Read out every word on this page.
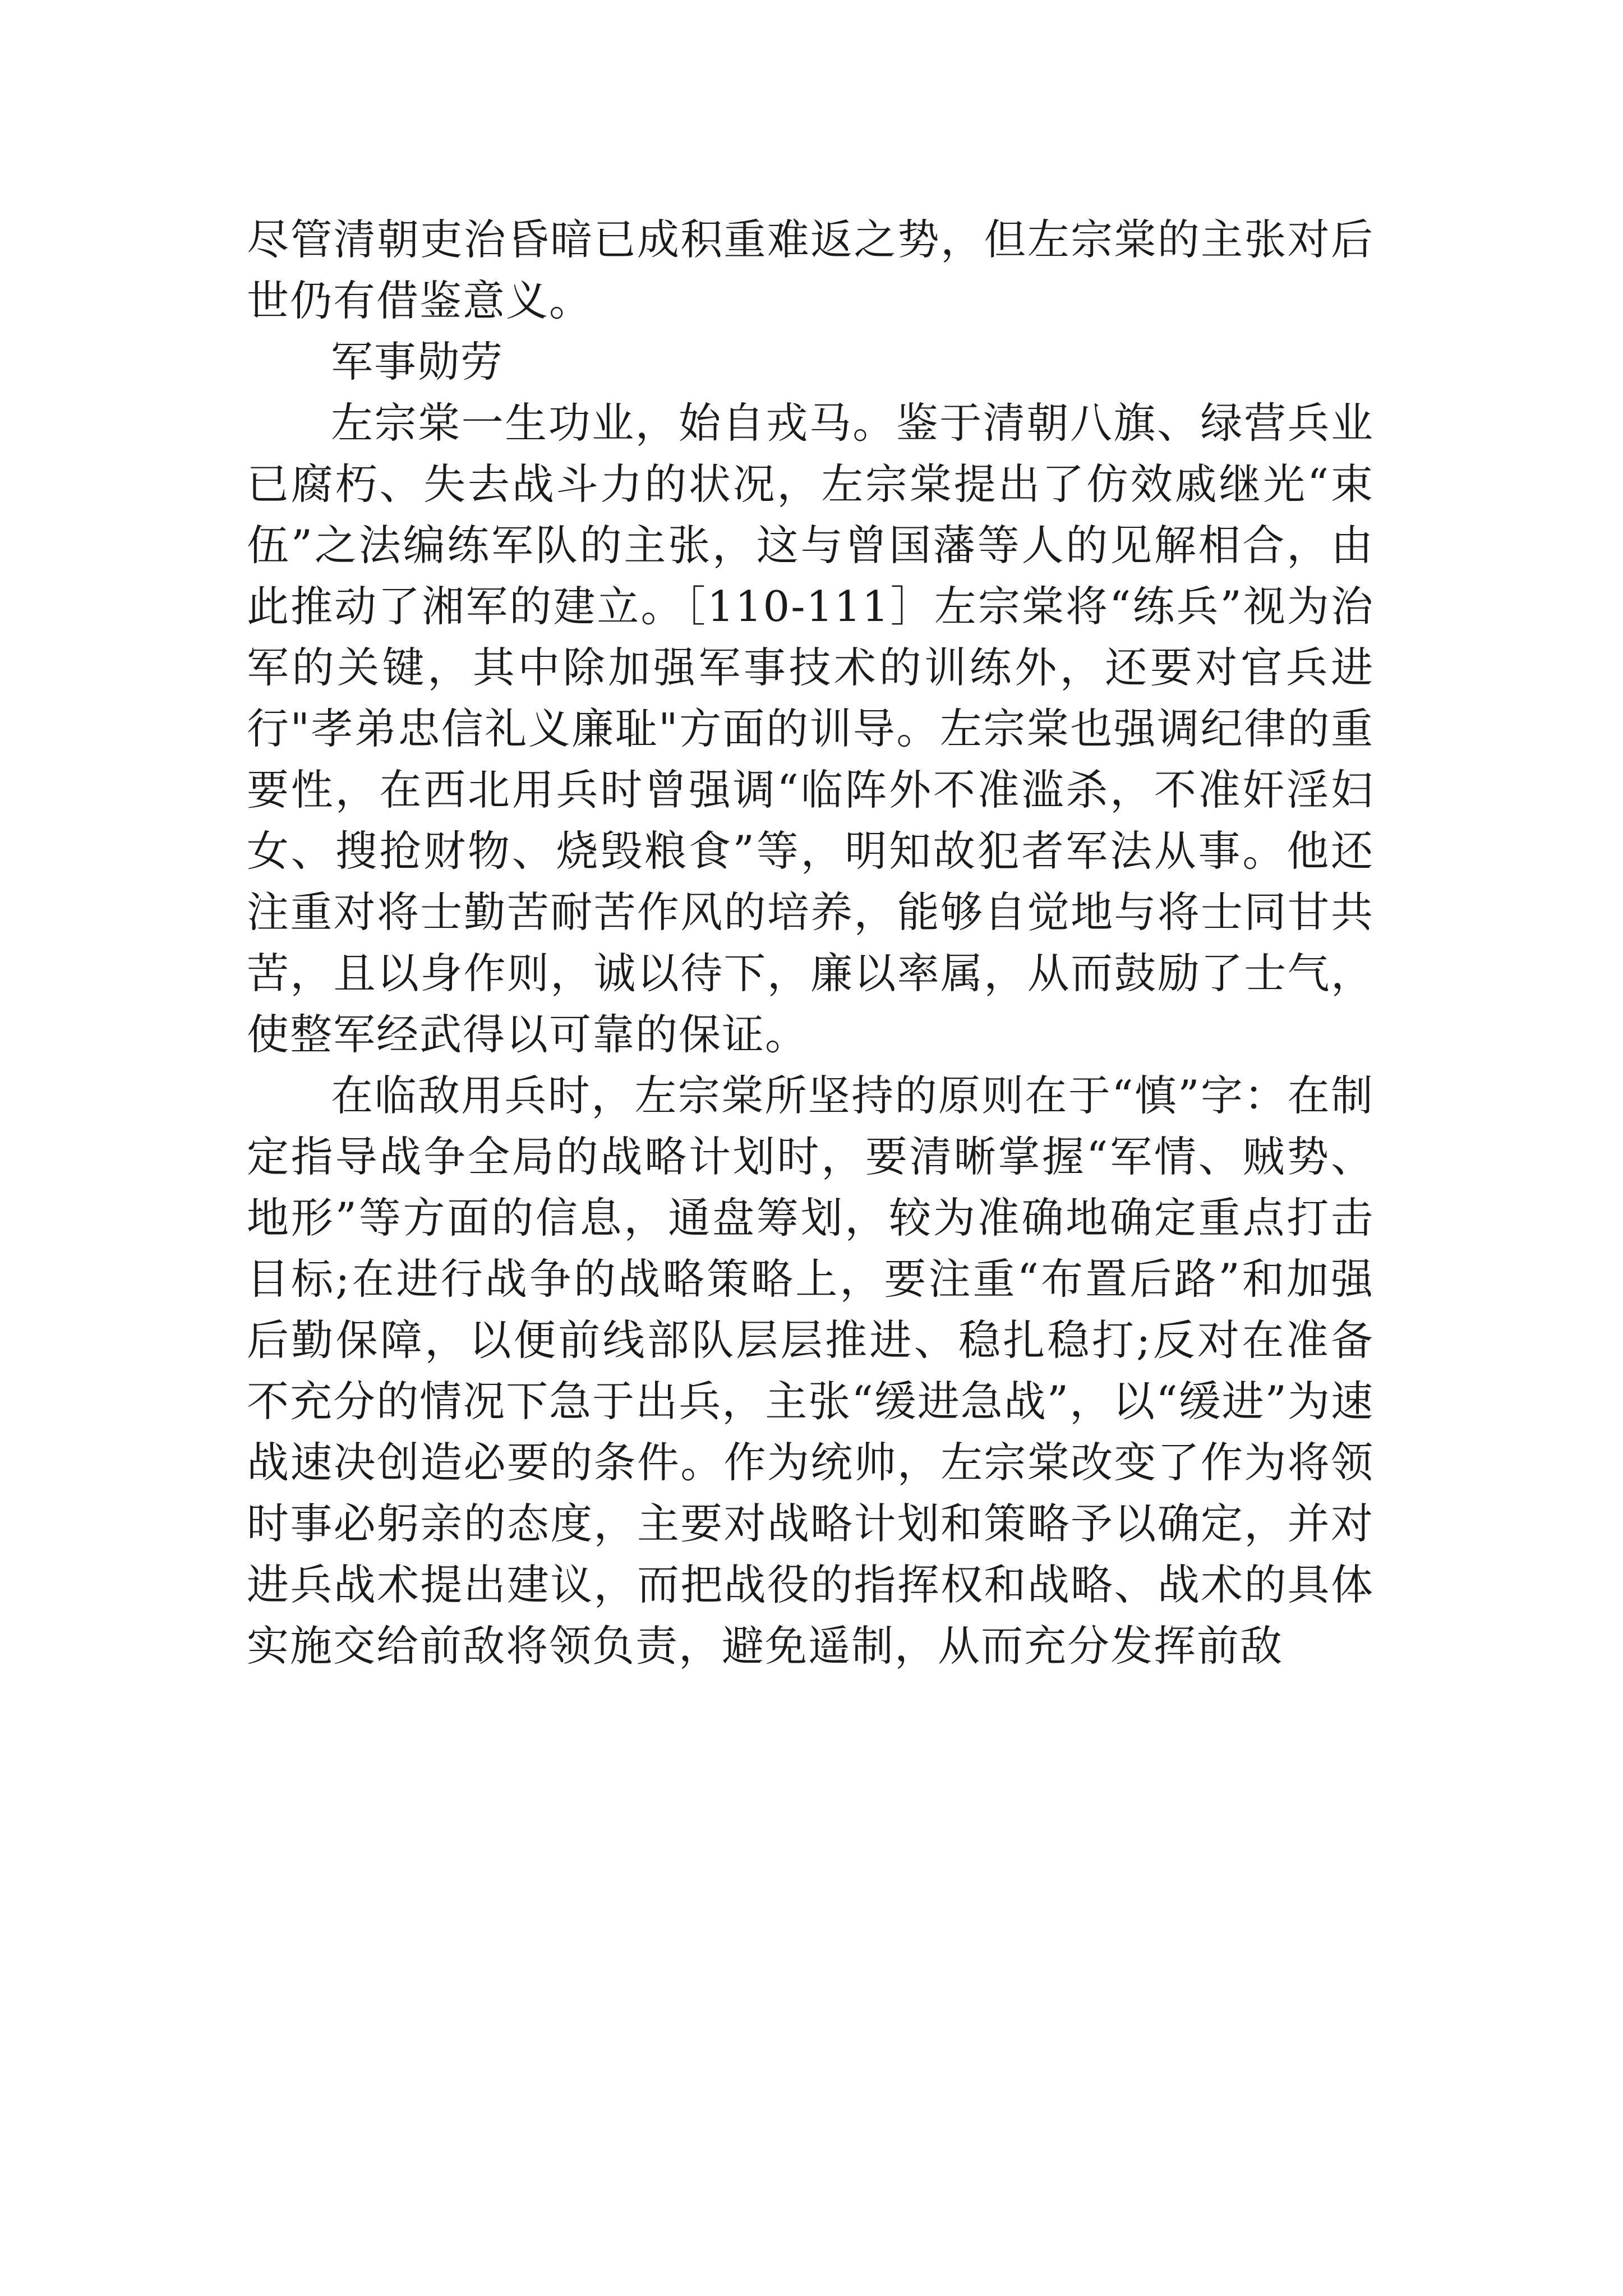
尽管清朝吏治昏暗已成积重难返之势，但左宗棠的主张对后世仍有借鉴意义。

军事勋劳

左宗棠一生功业，始自戎马。鉴于清朝八旗、绿营兵业已腐朽、失去战斗力的状况，左宗棠提出了仿效戚继光“束伍”之法编练军队的主张，这与曾国藩等人的见解相合，由此推动了湘军的建立。［110-111］左宗棠将“练兵”视为治军的关键，其中除加强军事技术的训练外，还要对官兵进行"孝弟忠信礼义廉耻"方面的训导。左宗棠也强调纪律的重要性，在西北用兵时曾强调“临阵外不准滥杀，不准奸淫妇女、搜抢财物、烧毁粮食”等，明知故犯者军法从事。他还注重对将士勤苦耐苦作风的培养，能够自觉地与将士同甘共苦，且以身作则，诚以待下，廉以率属，从而鼓励了士气，使整军经武得以可靠的保证。

在临敌用兵时，左宗棠所坚持的原则在于“慎”字：在制定指导战争全局的战略计划时，要清晰掌握“军情、贼势、地形”等方面的信息，通盘筹划，较为准确地确定重点打击目标;在进行战争的战略策略上，要注重“布置后路”和加强后勤保障，以便前线部队层层推进、稳扎稳打;反对在准备不充分的情况下急于出兵，主张“缓进急战”，以“缓进”为速战速决创造必要的条件。作为统帅，左宗棠改变了作为将领时事必躬亲的态度，主要对战略计划和策略予以确定，并对进兵战术提出建议，而把战役的指挥权和战略、战术的具体实施交给前敌将领负责，避免遥制，从而充分发挥前敌
